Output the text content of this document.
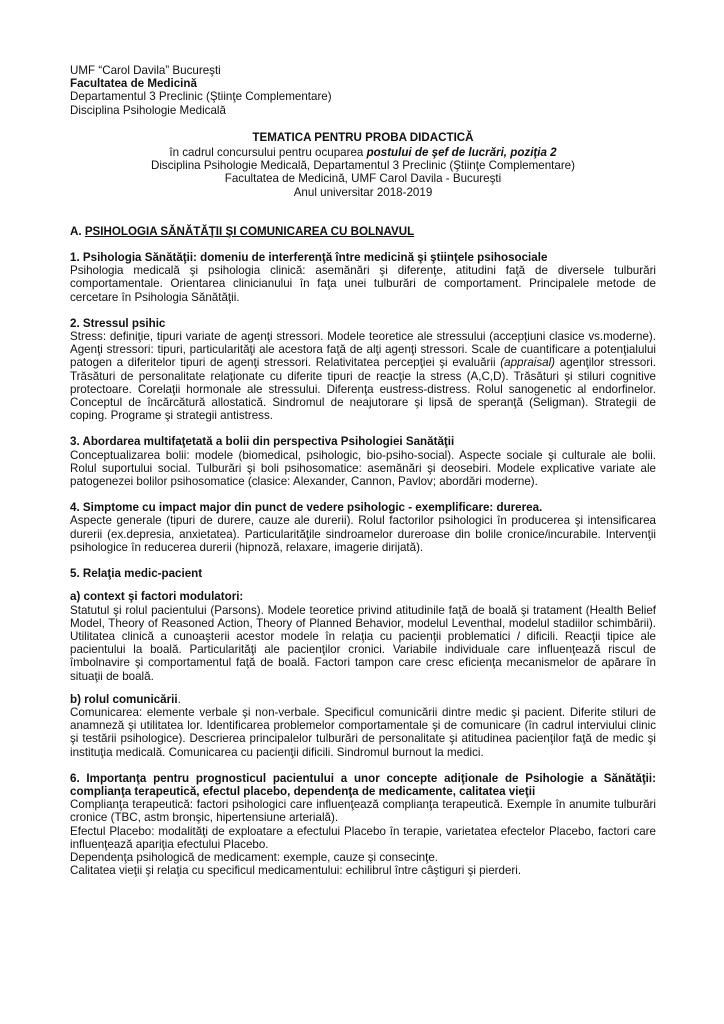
UMF “Carol Davila” Bucureşti
Facultatea de Medicină
Departamentul 3 Preclinic (Ştiinţe Complementare)
Disciplina Psihologie Medicală
TEMATICA PENTRU PROBA DIDACTICĂ
în cadrul concursului pentru ocuparea postului de şef de lucrări, poziţia 2
Disciplina Psihologie Medicală, Departamentul 3 Preclinic (Ştiinţe Complementare)
Facultatea de Medicină, UMF Carol Davila - Bucureşti
Anul universitar 2018-2019
A. PSIHOLOGIA SĂNĂTĂŢII ŞI COMUNICAREA CU BOLNAVUL
1. Psihologia Sănătăţii: domeniu de interferenţă între medicină şi ştiinţele psihosociale

Psihologia medicală şi psihologia clinică: asemănări şi diferenţe, atitudini faţă de diversele tulburări comportamentale. Orientarea clinicianului în faţa unei tulburări de comportament. Principalele metode de cercetare în Psihologia Sănătăţii.

2. Stressul psihic

Stress: definiţie, tipuri variate de agenţi stressori. Modele teoretice ale stressului (accepţiuni clasice vs.moderne). Agenţi stressori: tipuri, particularităţi ale acestora faţă de alţi agenţi stressori. Scale de cuantificare a potenţialului patogen a diferitelor tipuri de agenţi stressori. Relativitatea percepţiei şi evaluării (appraisal) agenţilor stressori. Trăsături de personalitate relaţionate cu diferite tipuri de reacţie la stress (A,C,D). Trăsături şi stiluri cognitive protectoare. Corelaţii hormonale ale stressului. Diferenţa eustress-distress. Rolul sanogenetic al endorfinelor. Conceptul de încărcătură allostatică. Sindromul de neajutorare şi lipsă de speranţă (Seligman). Strategii de coping. Programe şi strategii antistress.

3. Abordarea multifaţetată a bolii din perspectiva Psihologiei Sanătăţii

Conceptualizarea bolii: modele (biomedical, psihologic, bio-psiho-social). Aspecte sociale şi culturale ale bolii. Rolul suportului social. Tulburări şi boli psihosomatice: asemănări şi deosebiri. Modele explicative variate ale patogenezei bolilor psihosomatice (clasice: Alexander, Cannon, Pavlov; abordări moderne).

4. Simptome cu impact major din punct de vedere psihologic - exemplificare: durerea.

Aspecte generale (tipuri de durere, cauze ale durerii). Rolul factorilor psihologici în producerea şi intensificarea durerii (ex.depresia, anxietatea). Particularităţile sindroamelor dureroase din bolile cronice/incurabile. Intervenţii psihologice în reducerea durerii (hipnoză, relaxare, imagerie dirijată).

5. Relaţia medic-pacient
a) context şi factori modulatori:

Statutul şi rolul pacientului (Parsons). Modele teoretice privind atitudinile faţă de boală şi tratament (Health Belief Model, Theory of Reasoned Action, Theory of Planned Behavior, modelul Leventhal, modelul stadiilor schimbării). Utilitatea clinică a cunoaşterii acestor modele în relaţia cu pacienţii problematici / dificili. Reacţii tipice ale pacientului la boală. Particularităţi ale pacienţilor cronici. Variabile individuale care influenţează riscul de îmbolnavire şi comportamentul faţă de boală. Factori tampon care cresc eficienţa mecanismelor de apărare în situaţii de boală.

b) rolul comunicării.

Comunicarea: elemente verbale şi non-verbale. Specificul comunicării dintre medic şi pacient. Diferite stiluri de anamneză şi utilitatea lor. Identificarea problemelor comportamentale şi de comunicare (în cadrul interviului clinic şi testării psihologice). Descrierea principalelor tulburări de personalitate şi atitudinea pacienţilor faţă de medic şi instituţia medicală. Comunicarea cu pacienţii dificili. Sindromul burnout la medici.

6. Importanţa pentru prognosticul pacientului a unor concepte adiţionale de Psihologie a Sănătăţii: complianţa terapeutică, efectul placebo, dependenţa de medicamente, calitatea vieţii

Complianţa terapeutică: factori psihologici care influenţează complianţa terapeutică. Exemple în anumite tulburări cronice (TBC, astm bronşic, hipertensiune arterială).

Efectul Placebo: modalităţi de exploatare a efectului Placebo în terapie, varietatea efectelor Placebo, factori care influenţează apariţia efectului Placebo.

Dependenţa psihologică de medicament: exemple, cauze şi consecinţe.

Calitatea vieţii şi relaţia cu specificul medicamentului: echilibrul între câştiguri şi pierderi.
